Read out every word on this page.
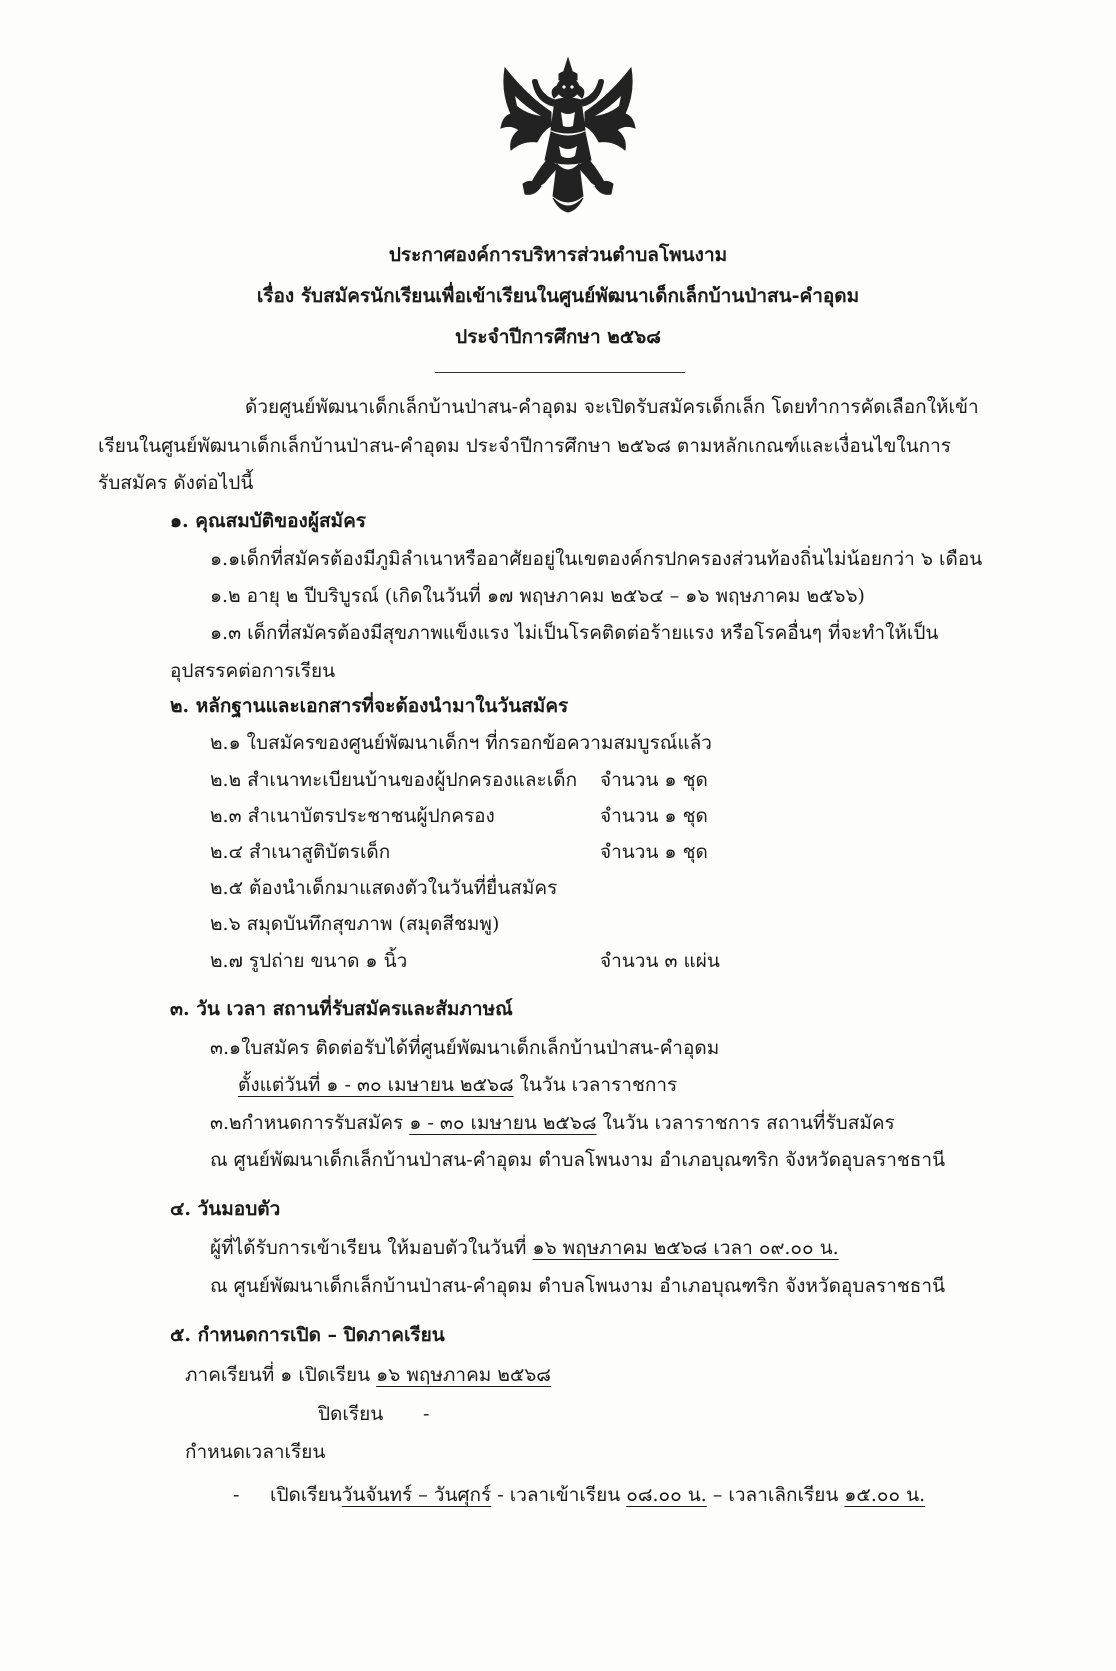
ประกาศองค์การบริหารส่วนตำบลโพนงาม
เรื่อง รับสมัครนักเรียนเพื่อเข้าเรียนในศูนย์พัฒนาเด็กเล็กบ้านป่าสน-คำอุดม
ประจำปีการศึกษา ๒๕๖๘
ด้วยศูนย์พัฒนาเด็กเล็กบ้านป่าสน-คำอุดม จะเปิดรับสมัครเด็กเล็ก โดยทำการคัดเลือกให้เข้า
เรียนในศูนย์พัฒนาเด็กเล็กบ้านป่าสน-คำอุดม ประจำปีการศึกษา ๒๕๖๘ ตามหลักเกณฑ์และเงื่อนไขในการ
รับสมัคร ดังต่อไปนี้
๑. คุณสมบัติของผู้สมัคร
๑.๑เด็กที่สมัครต้องมีภูมิลำเนาหรืออาศัยอยู่ในเขตองค์กรปกครองส่วนท้องถิ่นไม่น้อยกว่า ๖ เดือน
๑.๒ อายุ ๒ ปีบริบูรณ์ (เกิดในวันที่ ๑๗ พฤษภาคม ๒๕๖๔ – ๑๖ พฤษภาคม ๒๕๖๖)
๑.๓ เด็กที่สมัครต้องมีสุขภาพแข็งแรง ไม่เป็นโรคติดต่อร้ายแรง หรือโรคอื่นๆ ที่จะทำให้เป็น
อุปสรรคต่อการเรียน
๒. หลักฐานและเอกสารที่จะต้องนำมาในวันสมัคร
๒.๑ ใบสมัครของศูนย์พัฒนาเด็กฯ ที่กรอกข้อความสมบูรณ์แล้ว
๒.๒ สำเนาทะเบียนบ้านของผู้ปกครองและเด็ก จำนวน ๑ ชุด
๒.๓ สำเนาบัตรประชาชนผู้ปกครอง	จำนวน ๑ ชุด
๒.๔ สำเนาสูติบัตรเด็ก	จำนวน ๑ ชุด
๒.๕ ต้องนำเด็กมาแสดงตัวในวันที่ยื่นสมัคร
๒.๖ สมุดบันทึกสุขภาพ (สมุดสีชมพู)
๒.๗ รูปถ่าย ขนาด ๑ นิ้ว	จำนวน ๓ แผ่น
๓. วัน เวลา สถานที่รับสมัครและสัมภาษณ์
๓.๑ใบสมัคร ติดต่อรับได้ที่ศูนย์พัฒนาเด็กเล็กบ้านป่าสน-คำอุดม
ตั้งแต่วันที่ ๑ - ๓๐ เมษายน ๒๕๖๘ ในวัน เวลาราชการ
๓.๒กำหนดการรับสมัคร ๑ - ๓๐ เมษายน ๒๕๖๘ ในวัน เวลาราชการ สถานที่รับสมัคร
ณ ศูนย์พัฒนาเด็กเล็กบ้านป่าสน-คำอุดม ตำบลโพนงาม อำเภอบุณฑริก จังหวัดอุบลราชธานี
๔. วันมอบตัว
ผู้ที่ได้รับการเข้าเรียน ให้มอบตัวในวันที่ ๑๖ พฤษภาคม ๒๕๖๘ เวลา ๐๙.๐๐ น.
ณ ศูนย์พัฒนาเด็กเล็กบ้านป่าสน-คำอุดม ตำบลโพนงาม อำเภอบุณฑริก จังหวัดอุบลราชธานี
๕. กำหนดการเปิด – ปิดภาคเรียน
ภาคเรียนที่ ๑ เปิดเรียน ๑๖ พฤษภาคม ๒๕๖๘
ปิดเรียน -
กำหนดเวลาเรียน
- เปิดเรียนวันจันทร์ – วันศุกร์ - เวลาเข้าเรียน ๐๘.๐๐ น. – เวลาเลิกเรียน ๑๕.๐๐ น.
